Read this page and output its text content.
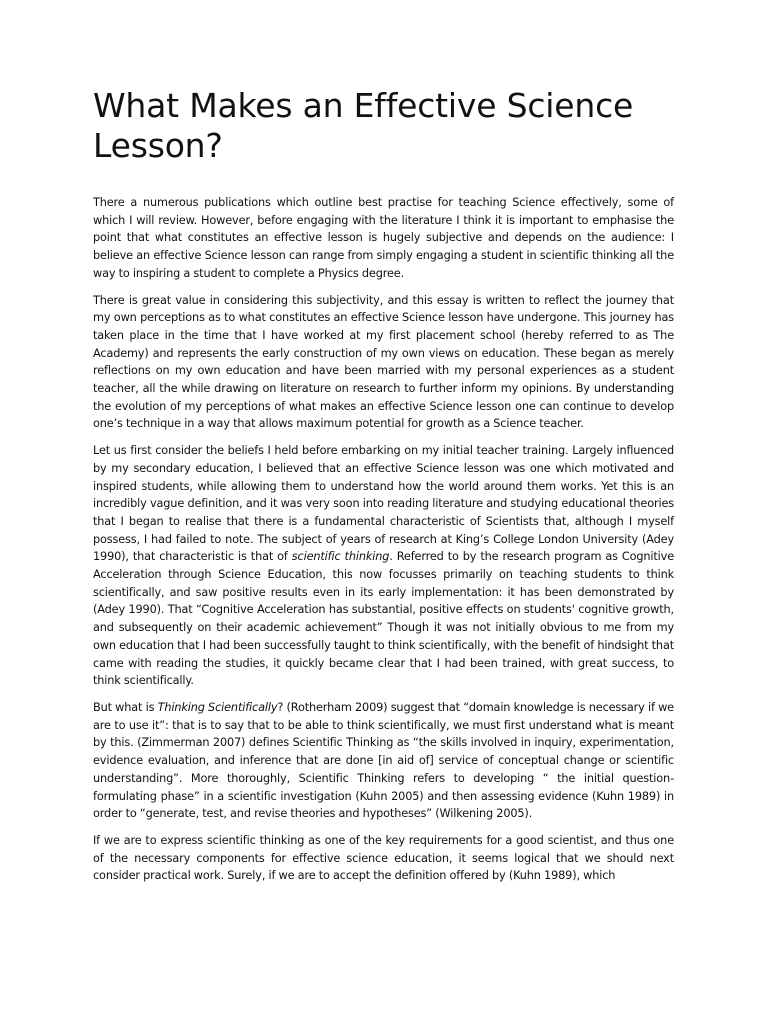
What Makes an Effective Science Lesson?

There a numerous publications which outline best practise for teaching Science effectively, some of which I will review. However, before engaging with the literature I think it is important to emphasise the point that what constitutes an effective lesson is hugely subjective and depends on the audience: I believe an effective Science lesson can range from simply engaging a student in scientific thinking all the way to inspiring a student to complete a Physics degree.

There is great value in considering this subjectivity, and this essay is written to reflect the journey that my own perceptions as to what constitutes an effective Science lesson have undergone. This journey has taken place in the time that I have worked at my first placement school (hereby referred to as The Academy) and represents the early construction of my own views on education. These began as merely reflections on my own education and have been married with my personal experiences as a student teacher, all the while drawing on literature on research to further inform my opinions. By understanding the evolution of my perceptions of what makes an effective Science lesson one can continue to develop one’s technique in a way that allows maximum potential for growth as a Science teacher.

Let us first consider the beliefs I held before embarking on my initial teacher training. Largely influenced by my secondary education, I believed that an effective Science lesson was one which motivated and inspired students, while allowing them to understand how the world around them works. Yet this is an incredibly vague definition, and it was very soon into reading literature and studying educational theories that I began to realise that there is a fundamental characteristic of Scientists that, although I myself possess, I had failed to note. The subject of years of research at King’s College London University (Adey 1990), that characteristic is that of scientific thinking. Referred to by the research program as Cognitive Acceleration through Science Education, this now focusses primarily on teaching students to think scientifically, and saw positive results even in its early implementation: it has been demonstrated by (Adey 1990). That “Cognitive Acceleration has substantial, positive effects on students' cognitive growth, and subsequently on their academic achievement” Though it was not initially obvious to me from my own education that I had been successfully taught to think scientifically, with the benefit of hindsight that came with reading the studies, it quickly became clear that I had been trained, with great success, to think scientifically.

But what is Thinking Scientifically? (Rotherham 2009) suggest that “domain knowledge is necessary if we are to use it”: that is to say that to be able to think scientifically, we must first understand what is meant by this. (Zimmerman 2007) defines Scientific Thinking as “the skills involved in inquiry, experimentation, evidence evaluation, and inference that are done [in aid of] service of conceptual change or scientific understanding”. More thoroughly, Scientific Thinking refers to developing “ the initial question-formulating phase” in a scientific investigation (Kuhn 2005) and then assessing evidence (Kuhn 1989) in order to “generate, test, and revise theories and hypotheses” (Wilkening 2005).

If we are to express scientific thinking as one of the key requirements for a good scientist, and thus one of the necessary components for effective science education, it seems logical that we should next consider practical work. Surely, if we are to accept the definition offered by (Kuhn 1989), which
